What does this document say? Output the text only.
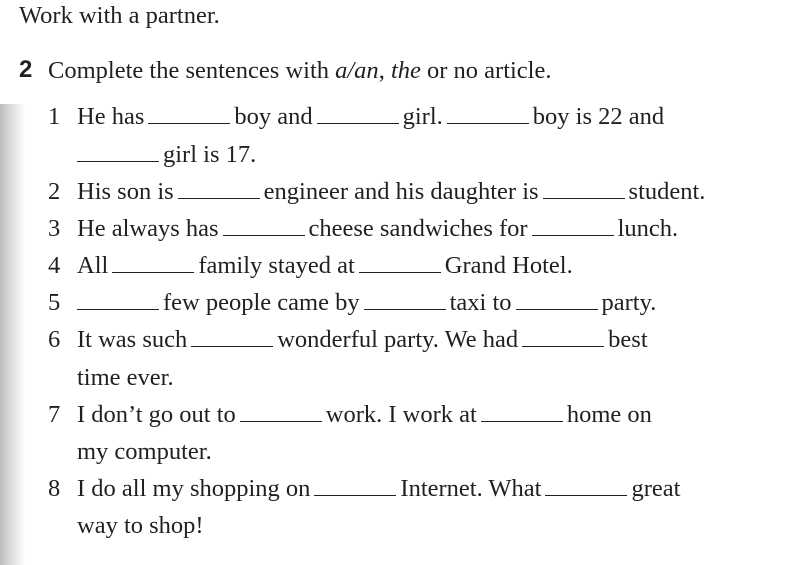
Work with a partner.
2 Complete the sentences with a/an, the or no article.
1 He has	boy and	girl.	boy is 22 and
girl is 17.
2 His son is	engineer and his daughter is	student.
3 He always has	cheese sandwiches for	lunch.
4 All	family stayed at	Grand Hotel.
5	few people came by	taxi to	party.
6 It was such	wonderful party. We had	best
time ever.
7 I don’t go out to	work. I work at	home on
my computer.
8 I do all my shopping on	Internet. What	great
way to shop!
